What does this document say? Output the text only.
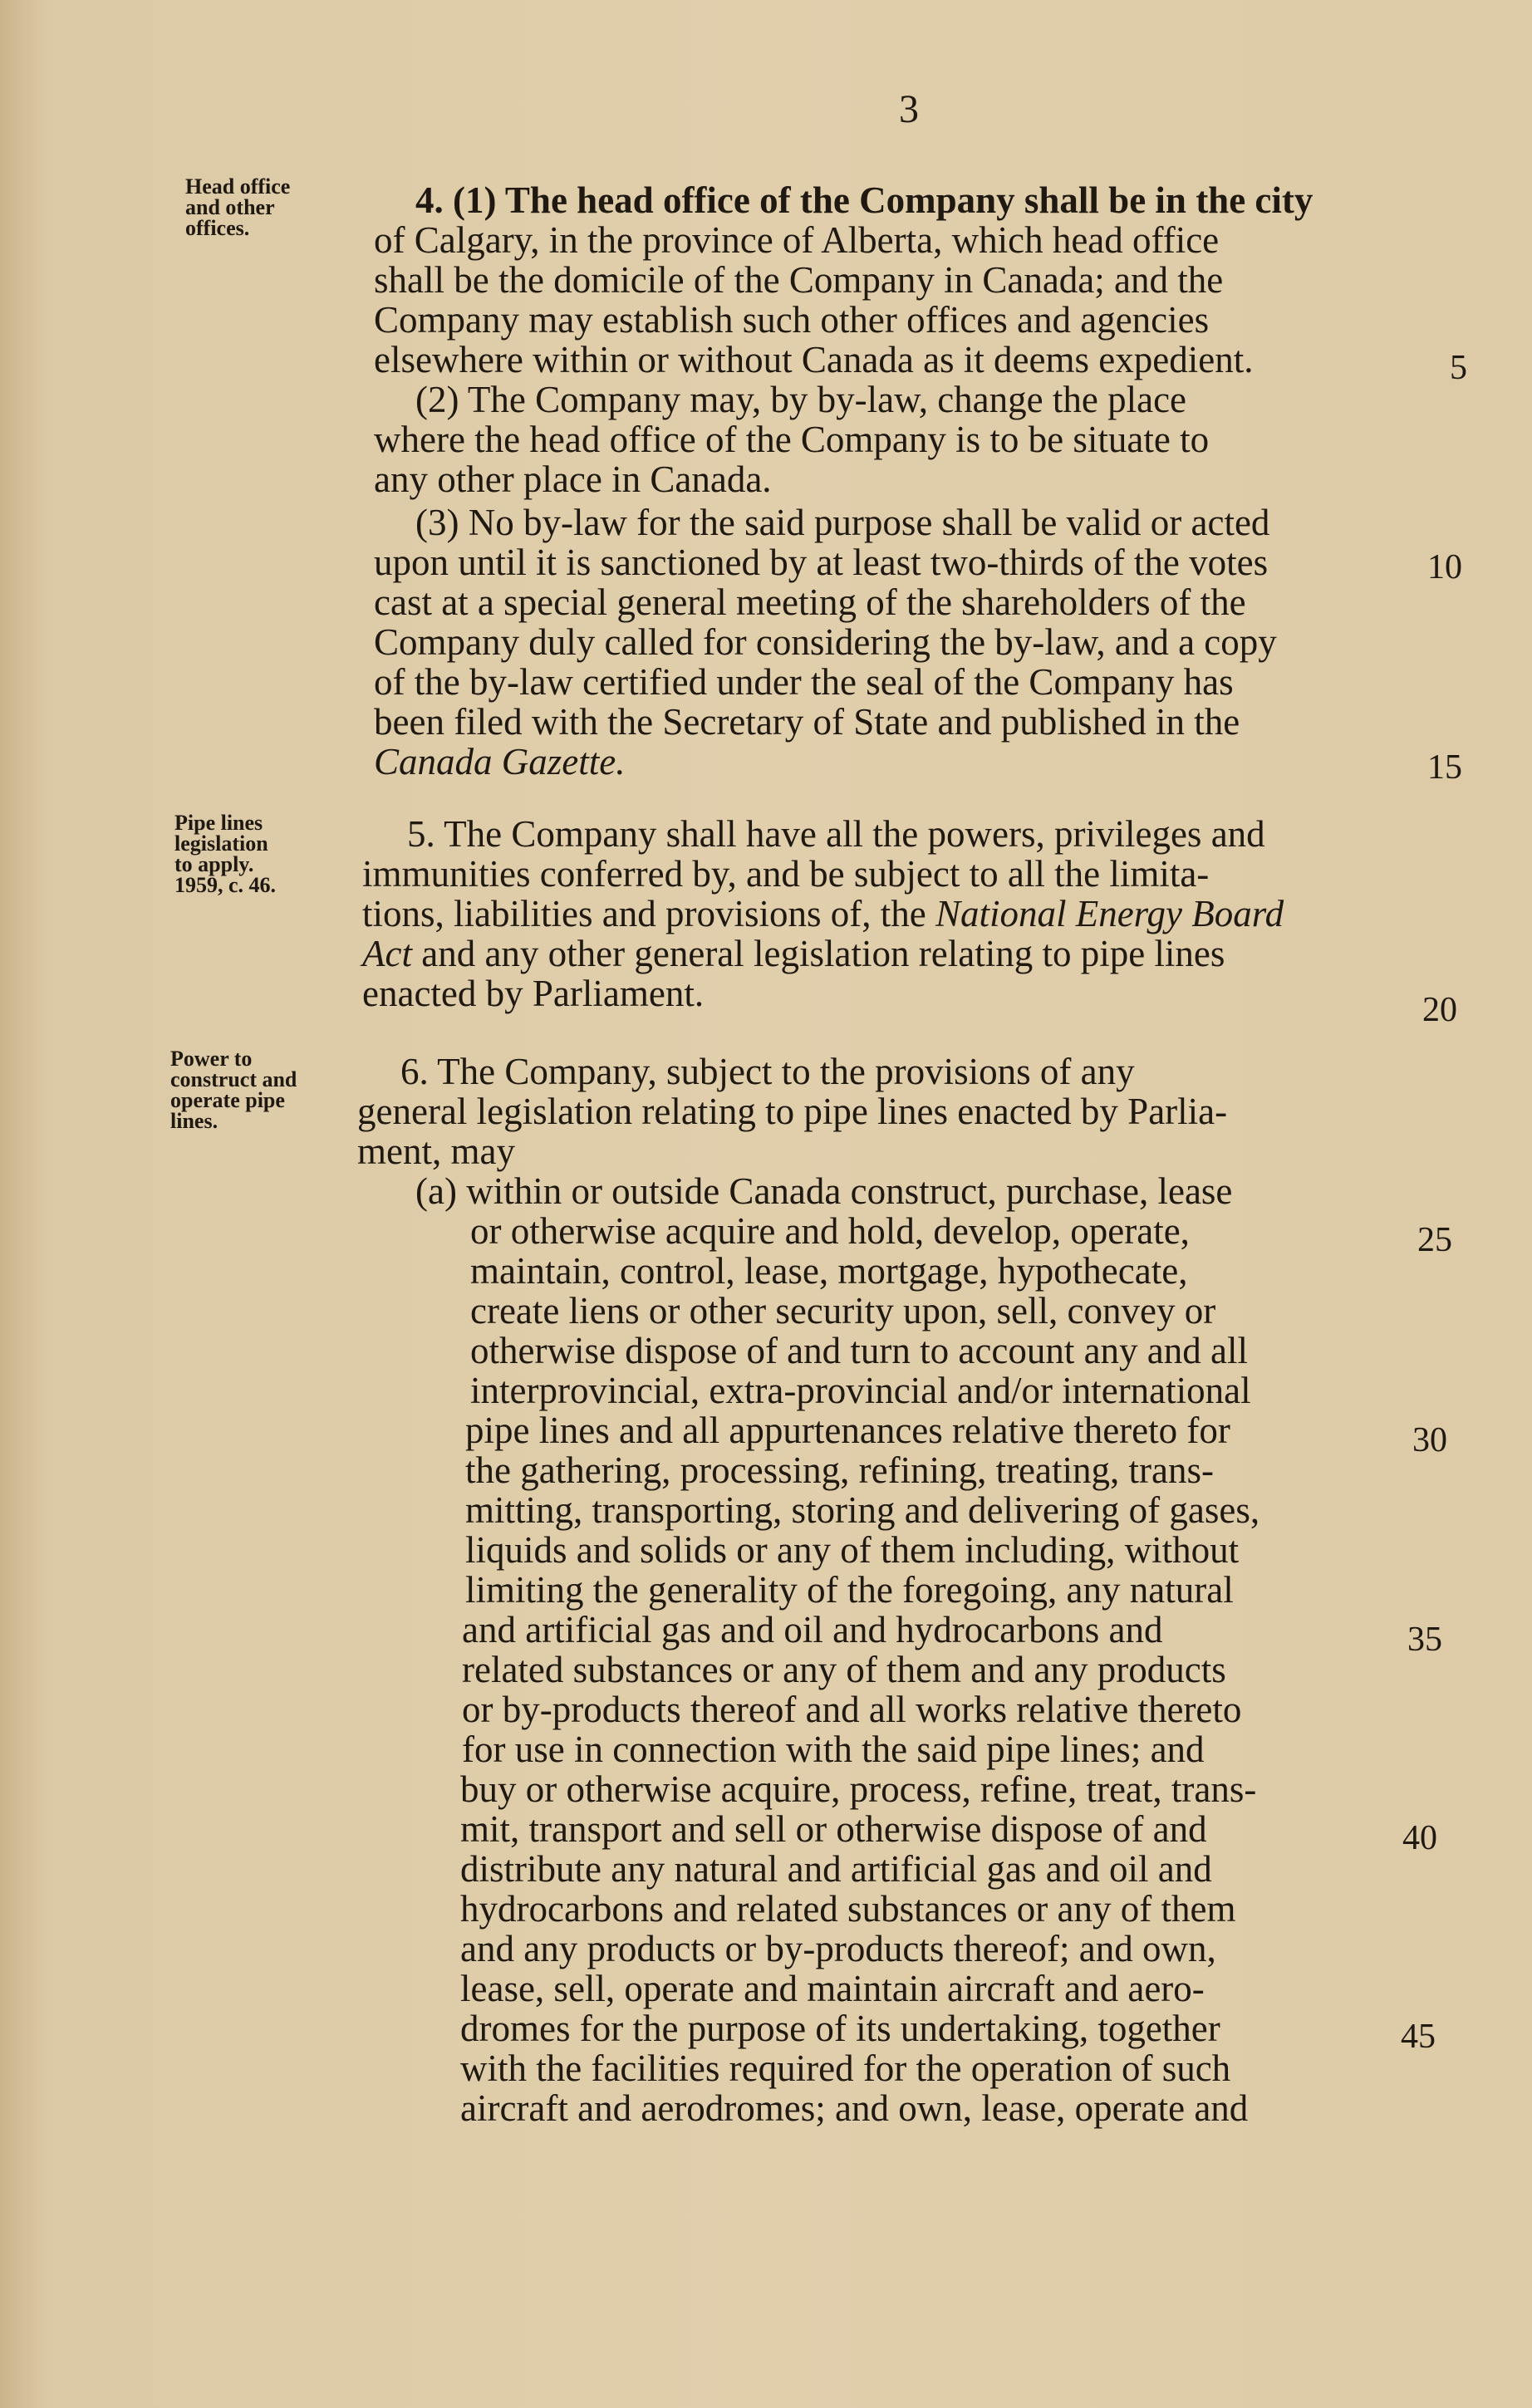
3
Head office
and other
offices.
Pipe lines
legislation
to apply.
1959, c. 46.
Power to
construct and
operate pipe
lines.
4. (1) The head office of the Company shall be in the city
of Calgary, in the province of Alberta, which head office
shall be the domicile of the Company in Canada; and the
Company may establish such other offices and agencies
elsewhere within or without Canada as it deems expedient.
(2) The Company may, by by-law, change the place
where the head office of the Company is to be situate to
any other place in Canada.
(3) No by-law for the said purpose shall be valid or acted
upon until it is sanctioned by at least two-thirds of the votes
cast at a special general meeting of the shareholders of the
Company duly called for considering the by-law, and a copy
of the by-law certified under the seal of the Company has
been filed with the Secretary of State and published in the
Canada Gazette.
5. The Company shall have all the powers, privileges and
immunities conferred by, and be subject to all the limita-
tions, liabilities and provisions of, the National Energy Board
Act and any other general legislation relating to pipe lines
enacted by Parliament.
6. The Company, subject to the provisions of any
general legislation relating to pipe lines enacted by Parlia-
ment, may
(a) within or outside Canada construct, purchase, lease
or otherwise acquire and hold, develop, operate,
maintain, control, lease, mortgage, hypothecate,
create liens or other security upon, sell, convey or
otherwise dispose of and turn to account any and all
interprovincial, extra-provincial and/or international
pipe lines and all appurtenances relative thereto for
the gathering, processing, refining, treating, trans-
mitting, transporting, storing and delivering of gases,
liquids and solids or any of them including, without
limiting the generality of the foregoing, any natural
and artificial gas and oil and hydrocarbons and
related substances or any of them and any products
or by-products thereof and all works relative thereto
for use in connection with the said pipe lines; and
buy or otherwise acquire, process, refine, treat, trans-
mit, transport and sell or otherwise dispose of and
distribute any natural and artificial gas and oil and
hydrocarbons and related substances or any of them
and any products or by-products thereof; and own,
lease, sell, operate and maintain aircraft and aero-
dromes for the purpose of its undertaking, together
with the facilities required for the operation of such
aircraft and aerodromes; and own, lease, operate and
5
10
15
20
25
30
35
40
45
